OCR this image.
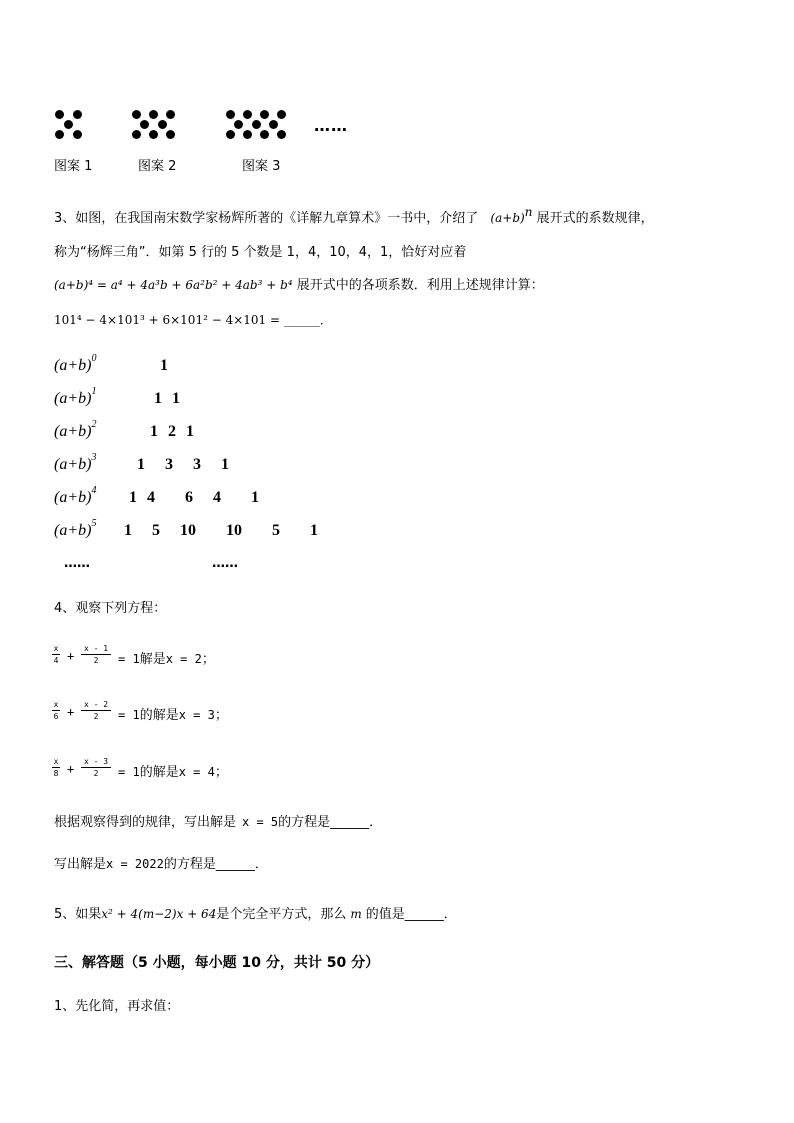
……
图案 1	图案 2	图案 3
3、如图，在我国南宋数学家杨辉所著的《详解九章算术》一书中，介绍了 $(a+b)^n$ 展开式的系数规律，
称为“杨辉三角”．如第 5 行的 5 个数是 1，4，10，4，1，恰好对应着
(a+b)⁴ = a⁴ + 4a³b + 6a²b² + 4ab³ + b⁴ 展开式中的各项系数．利用上述规律计算：
101⁴ − 4×101³ + 6×101² − 4×101 = ______．
$(a+b)^0$	1
$(a+b)^1$	1 1
$(a+b)^2$	1 2 1
$(a+b)^3$	1  3  3  1
$(a+b)^4$ 1 4   6  4   1
$(a+b)^5$ 1  5  10   10   5   1
……	……
4、观察下列方程：
$\frac{x}{4} + \frac{x - 1}{2} = 1$解是x = 2；
$\frac{x}{6} + \frac{x - 2}{2} = 1$的解是x = 3；
$\frac{x}{8} + \frac{x - 3}{2} = 1$的解是x = 4；
根据观察得到的规律，写出解是 x = 5的方程是______．
写出解是x = 2022的方程是______．
5、如果x² + 4(m−2)x + 64是个完全平方式，那么 m 的值是______．
三、解答题（5 小题，每小题 10 分，共计 50 分）
1、先化简，再求值：
